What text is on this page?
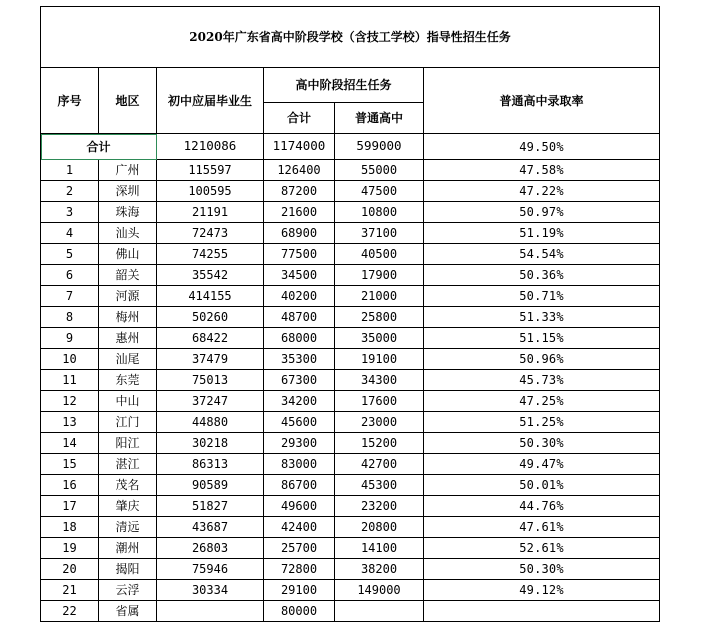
2020年广东省高中阶段学校（含技工学校）指导性招生任务					
序号	地区	初中应届毕业生	高中阶段招生任务		普通高中录取率
			合计	普通高中	
合计		1210086	1174000	599000	49.50%
1	广州	115597	126400	55000	47.58%
2	深圳	100595	87200	47500	47.22%
3	珠海	21191	21600	10800	50.97%
4	汕头	72473	68900	37100	51.19%
5	佛山	74255	77500	40500	54.54%
6	韶关	35542	34500	17900	50.36%
7	河源	414155	40200	21000	50.71%
8	梅州	50260	48700	25800	51.33%
9	惠州	68422	68000	35000	51.15%
10	汕尾	37479	35300	19100	50.96%
11	东莞	75013	67300	34300	45.73%
12	中山	37247	34200	17600	47.25%
13	江门	44880	45600	23000	51.25%
14	阳江	30218	29300	15200	50.30%
15	湛江	86313	83000	42700	49.47%
16	茂名	90589	86700	45300	50.01%
17	肇庆	51827	49600	23200	44.76%
18	清远	43687	42400	20800	47.61%
19	潮州	26803	25700	14100	52.61%
20	揭阳	75946	72800	38200	50.30%
21	云浮	30334	29100	149000	49.12%
22	省属		80000		
